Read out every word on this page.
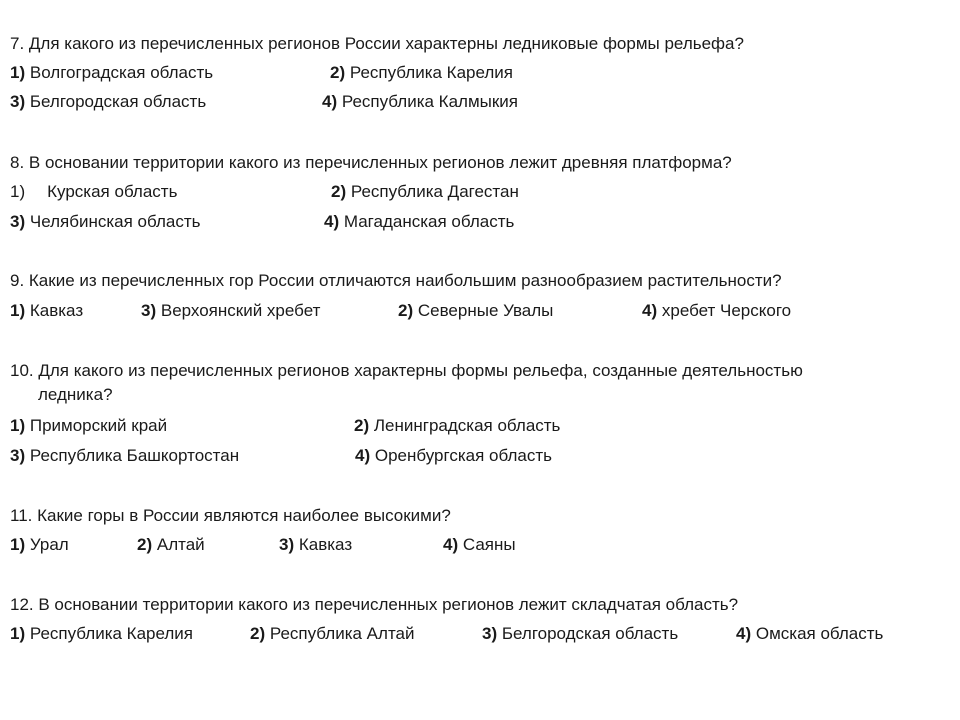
7. Для какого из перечисленных регионов России характерны ледниковые формы рельефа?
1) Волгоградская область	2) Республика Карелия
3) Белгородская область	4) Республика Калмыкия
8. В основании территории какого из перечисленных регионов лежит древняя платформа?
1) Курская область	2) Республика Дагестан
3) Челябинская область	4) Магаданская область
9. Какие из перечисленных гор России отличаются наибольшим разнообразием растительности?
1) Кавказ	3) Верхоянский хребет	2) Северные Увалы	4) хребет Черского
10. Для какого из перечисленных регионов характерны формы рельефа, созданные деятельностью
ледника?
1) Приморский край	2) Ленинградская область
3) Республика Башкортостан	4) Оренбургская область
11. Какие горы в России являются наиболее высокими?
1) Урал	2) Алтай	3) Кавказ	4) Саяны
12. В основании территории какого из перечисленных регионов лежит складчатая область?
1) Республика Карелия	2) Республика Алтай	3) Белгородская область	4) Омская область
